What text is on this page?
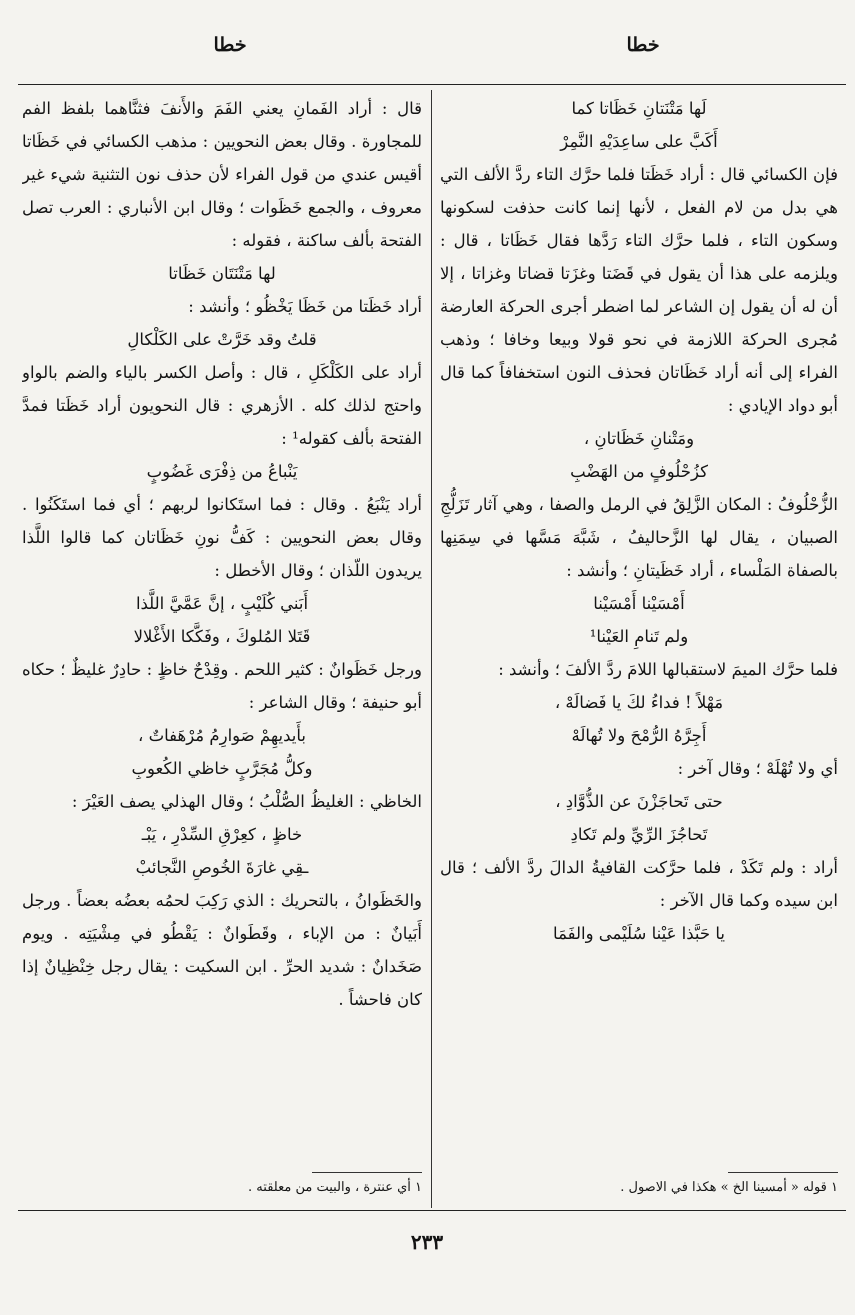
خطا
خطا

لَها مَتْنَتانِ خَظَاتا كما

أَكَبَّ على ساعِدَيْهِ النَّمِرْ

فإن الكسائي قال : أراد خَظَتا فلما حرَّك التاء ردَّ الألف التي هي بدل من لام الفعل ، لأنها إنما كانت حذفت لسكونها وسكون التاء ، فلما حرَّك التاء رَدَّها فقال خَظَاتا ، قال : ويلزمه على هذا أن يقول في قَضَتا وغزَتا قضاتا وغزاتا ، إلا أن له أن يقول إن الشاعر لما اضطر أجرى الحركة العارضة مُجرى الحركة اللازمة في نحو قولا وبيعا وخافا ؛ وذهب الفراء إلى أنه أراد خَظَاتان فحذف النون استخفافاً كما قال أبو دواد الإيادي :

ومَتْنانِ خَظَاتانِ ،

كزُحْلُوفٍ من الهَضْبِ

الزُّحْلُوفُ : المكان الزَّلِقُ في الرمل والصفا ، وهي آثار تَزَلُّجِ الصبيان ، يقال لها الزَّحاليفُ ، شَبَّهَ مَسَّها في سِمَنِها بالصفاة المَلْساء ، أراد خَظَيتانِ ؛ وأنشد :

أَمْسَيْنا أَمْسَيْنا

ولم تَنامِ العَيْنا¹

فلما حرَّك الميمَ لاستقبالها اللامَ ردَّ الألفَ ؛ وأنشد :

مَهْلاً ! فداءُ لكَ يا فَضالَهْ ،

أَجِرَّهُ الرُّمْحَ ولا تُهالَهْ

أي ولا تُهْلَهْ ؛ وقال آخر :

حتى تَحاجَزْنَ عن الذُّوَّادِ ،

تَحاجُزَ الرِّيِّ ولم تَكادِ

أراد : ولم تَكَدْ ، فلما حرَّكت القافيةُ الدالَ ردَّ الألف ؛ قال ابن سيده وكما قال الآخر :

يا حَبَّذا عَيْنا سُلَيْمى والفَمَا

قال : أراد الفَمانِ يعني الفَمَ والأَنفَ فثنَّاهما بلفظ الفم للمجاورة . وقال بعض النحويين : مذهب الكسائي في خَظَاتا أقيس عندي من قول الفراء لأن حذف نون التثنية شيء غير معروف ، والجمع خَظَوات ؛ وقال ابن الأنباري : العرب تصل الفتحة بألف ساكنة ، فقوله :

لها مَتْنَتَان خَظَاتا

أراد خَظَتا من خَظَا يَخْظُو ؛ وأنشد :

قلتُ وقد خَرَّتْ على الكَلْكالِ

أراد على الكَلْكَلِ ، قال : وأصل الكسر بالياء والضم بالواو واحتج لذلك كله . الأزهري : قال النحويون أراد خَظَتا فمدَّ الفتحة بألف كقوله¹ :

يَنْباعُ من ذِفْرَى غَضُوبٍ

أراد يَنْبَعُ . وقال : فما استَكانوا لربهم ؛ أي فما استَكَنُوا . وقال بعض النحويين : كَفُّ نونِ خَظَاتان كما قالوا اللَّذا يريدون اللّذان ؛ وقال الأخطل :

أَبَني كُلَيْبٍ ، إنَّ عَمَّيَّ اللَّذا

قَتَلا المُلوكَ ، وفَكَّكا الأَغْلالا

ورجل خَظَوانٌ : كثير اللحم . وقِدْحٌ خاظٍ : حادِرٌ غليظٌ ؛ حكاه أبو حنيفة ؛ وقال الشاعر :

بأَيديهِمْ صَوارِمُ مُرْهَفاتٌ ،

وكلُّ مُجَرَّبٍ خاظي الكُعوبِ

الخاظي : الغليظُ الصُّلْبُ ؛ وقال الهذلي يصف العَيْرَ :

خاظٍ ، كعِرْقِ السِّدْرِ ، يَبْـ

ـقِي غارَةَ الخُوصِ النَّجائبْ

والخَظَوانُ ، بالتحريك : الذي رَكِبَ لحمُه بعضُه بعضاً . ورجل أَبَيانٌ : من الإباء ، وقَطَوانٌ : يَقْطُو في مِشْيَتِه . ويوم صَخَدانٌ : شديد الحرِّ . ابن السكيت : يقال رجل خِنْظِيانٌ إذا كان فاحشاً .

١ قوله « أمسينا الخ » هكذا في الاصول .
١ أي عنترة ، والبيت من معلقته .
٢٣٣
